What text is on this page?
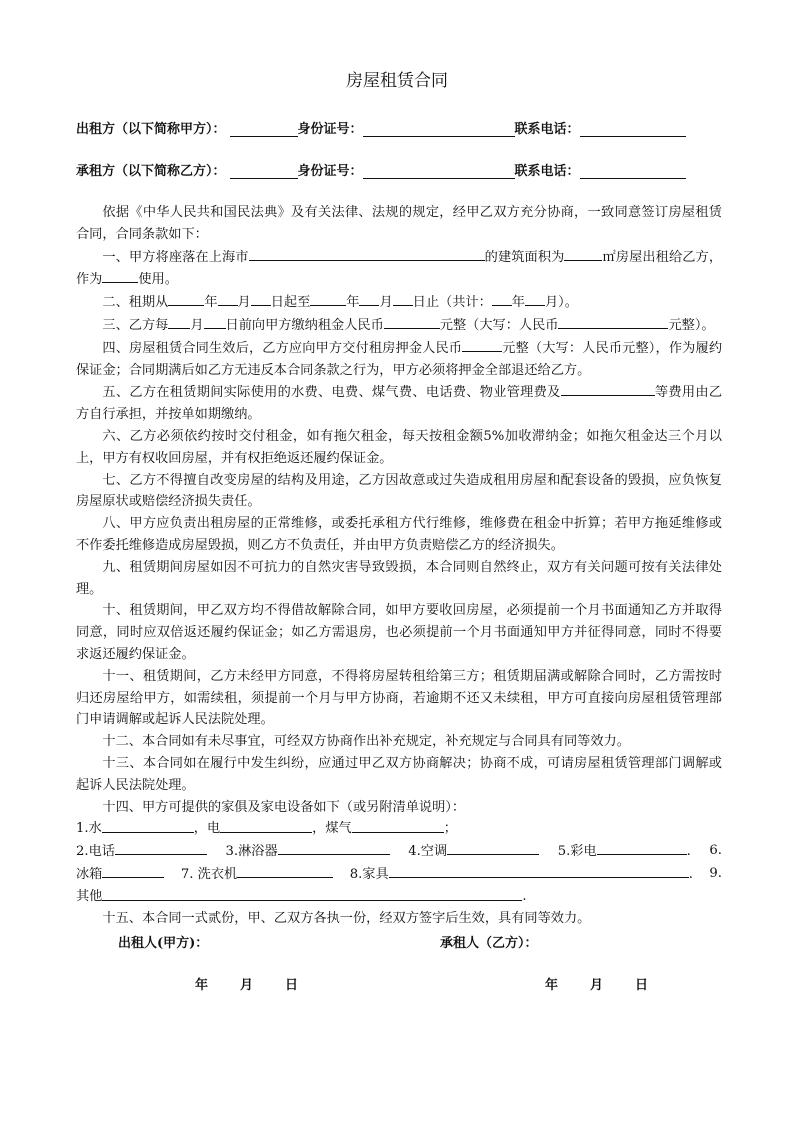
房屋租赁合同
出租方（以下简称甲方）：	身份证号：	联系电话：
承租方（以下简称乙方）：	身份证号：	联系电话：

依据《中华人民共和国民法典》及有关法律、法规的规定，经甲乙双方充分协商，一致同意签订房屋租赁合同，合同条款如下：

一、甲方将座落在上海市	的建筑面积为	㎡房屋出租给乙方，作为	使用。

二、租期从	年 月 日起至	年 月 日止（共计： 年 月）。

三、乙方每 月 日前向甲方缴纳租金人民币	元整（大写：人民币	元整）。

四、房屋租赁合同生效后，乙方应向甲方交付租房押金人民币	元整（大写：人民币元整），作为履约保证金；合同期满后如乙方无违反本合同条款之行为，甲方必须将押金全部退还给乙方。

五、乙方在租赁期间实际使用的水费、电费、煤气费、电话费、物业管理费及	等费用由乙方自行承担，并按单如期缴纳。

六、乙方必须依约按时交付租金，如有拖欠租金，每天按租金额5%加收滞纳金；如拖欠租金达三个月以上，甲方有权收回房屋，并有权拒绝返还履约保证金。

七、乙方不得擅自改变房屋的结构及用途，乙方因故意或过失造成租用房屋和配套设备的毁损，应负恢复房屋原状或赔偿经济损失责任。

八、甲方应负责出租房屋的正常维修，或委托承租方代行维修，维修费在租金中折算；若甲方拖延维修或不作委托维修造成房屋毁损，则乙方不负责任，并由甲方负责赔偿乙方的经济损失。

九、租赁期间房屋如因不可抗力的自然灾害导致毁损，本合同则自然终止，双方有关问题可按有关法律处理。

十、租赁期间，甲乙双方均不得借故解除合同，如甲方要收回房屋，必须提前一个月书面通知乙方并取得同意，同时应双倍返还履约保证金；如乙方需退房，也必须提前一个月书面通知甲方并征得同意，同时不得要求返还履约保证金。

十一、租赁期间，乙方未经甲方同意，不得将房屋转租给第三方；租赁期届满或解除合同时，乙方需按时归还房屋给甲方，如需续租，须提前一个月与甲方协商，若逾期不还又未续租，甲方可直接向房屋租赁管理部门申请调解或起诉人民法院处理。

十二、本合同如有未尽事宜，可经双方协商作出补充规定，补充规定与合同具有同等效力。

十三、本合同如在履行中发生纠纷，应通过甲乙双方协商解决；协商不成，可请房屋租赁管理部门调解或起诉人民法院处理。

十四、甲方可提供的家俱及家电设备如下（或另附清单说明）：

1.水	，电	，煤气	；
2.电话	3.淋浴器	4.空调	5.彩电	. 6.
冰箱	7. 洗衣机	8.家具	. 9.
其他	.

十五、本合同一式贰份，甲、乙双方各执一份，经双方签字后生效，具有同等效力。

出租人(甲方)：	承租人（乙方）：
年 月 日	年 月 日
